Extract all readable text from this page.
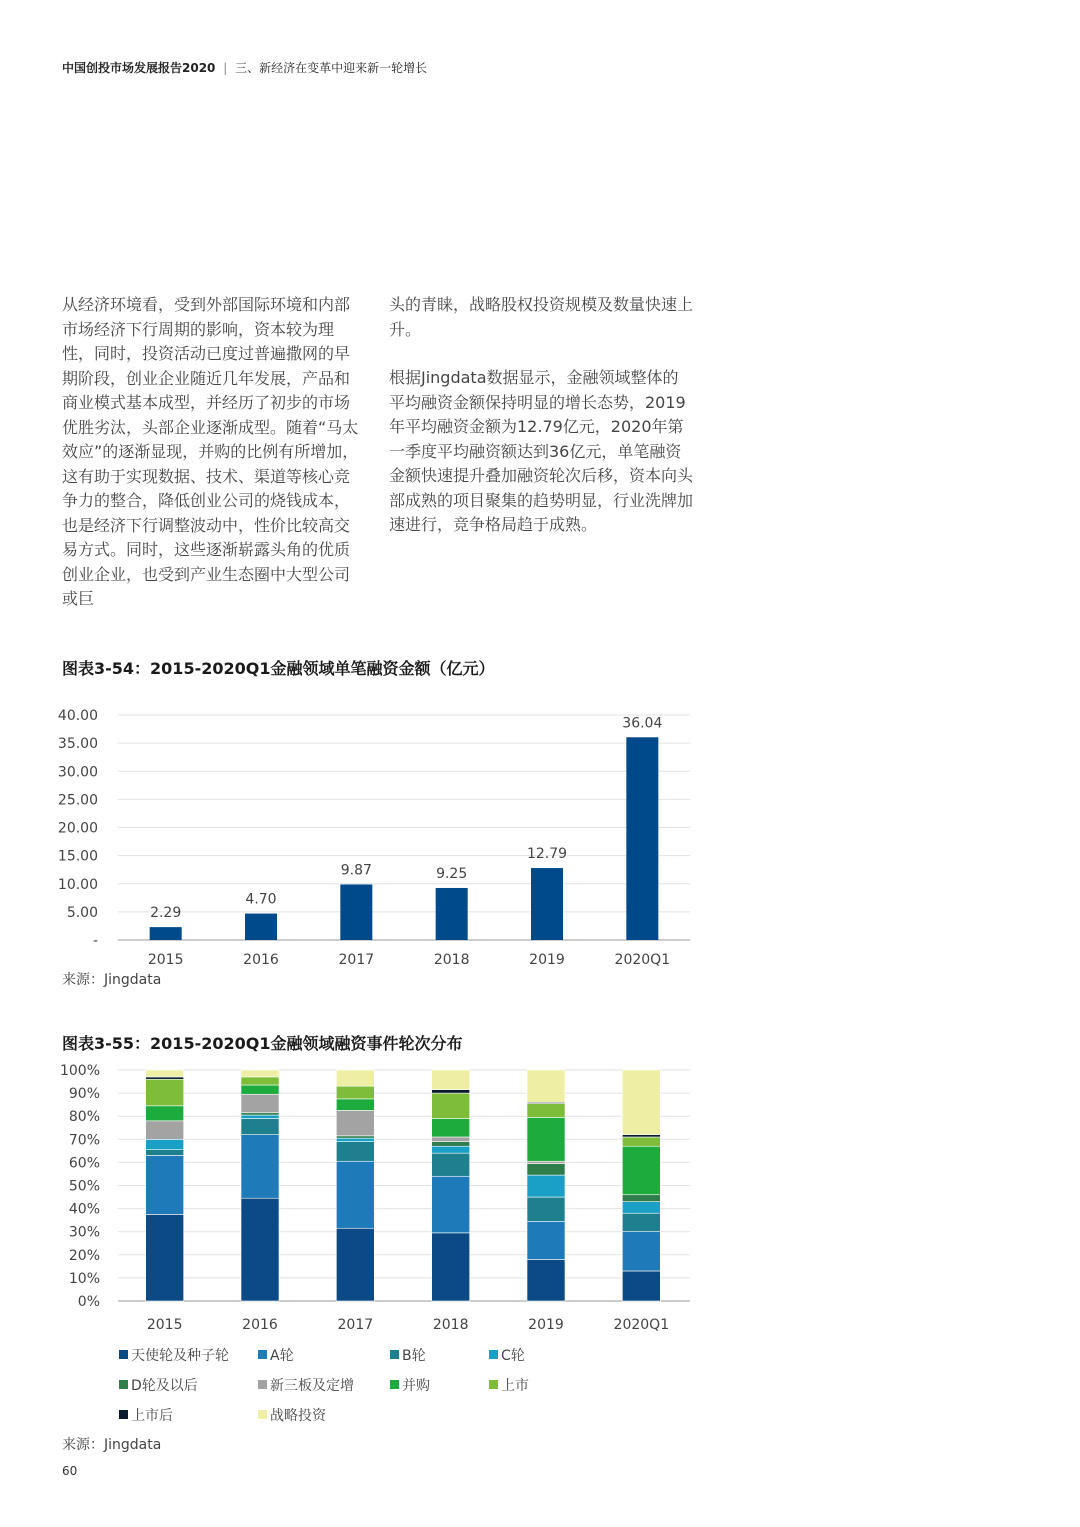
中国创投市场发展报告2020 | 三、新经济在变革中迎来新一轮增长

从经济环境看，受到外部国际环境和内部市场经济下行周期的影响，资本较为理性，同时，投资活动已度过普遍撒网的早期阶段，创业企业随近几年发展，产品和商业模式基本成型，并经历了初步的市场优胜劣汰，头部企业逐渐成型。随着“马太效应”的逐渐显现，并购的比例有所增加，这有助于实现数据、技术、渠道等核心竞争力的整合，降低创业公司的烧钱成本，也是经济下行调整波动中，性价比较高交易方式。同时，这些逐渐崭露头角的优质创业企业，也受到产业生态圈中大型公司或巨

头的青睐，战略股权投资规模及数量快速上升。

根据Jingdata数据显示，金融领域整体的平均融资金额保持明显的增长态势，2019年平均融资金额为12.79亿元，2020年第一季度平均融资额达到36亿元，单笔融资金额快速提升叠加融资轮次后移，资本向头部成熟的项目聚集的趋势明显，行业洗牌加速进行，竞争格局趋于成熟。

图表3-54：2015-2020Q1金融领域单笔融资金额（亿元）
-
5.00
10.00
15.00
20.00
25.00
30.00
35.00
40.00
2.29
2015
4.70
2016
9.87
2017
9.25
2018
12.79
2019
36.04
2020Q1
来源：Jingdata
图表3-55：2015-2020Q1金融领域融资事件轮次分布
0%
10%
20%
30%
40%
50%
60%
70%
80%
90%
100%
2015	2016	2017	2018	2019	2020Q1
天使轮及种子轮	A轮	B轮	C轮
D轮及以后	新三板及定增	并购	上市
上市后	战略投资
来源：Jingdata
60
